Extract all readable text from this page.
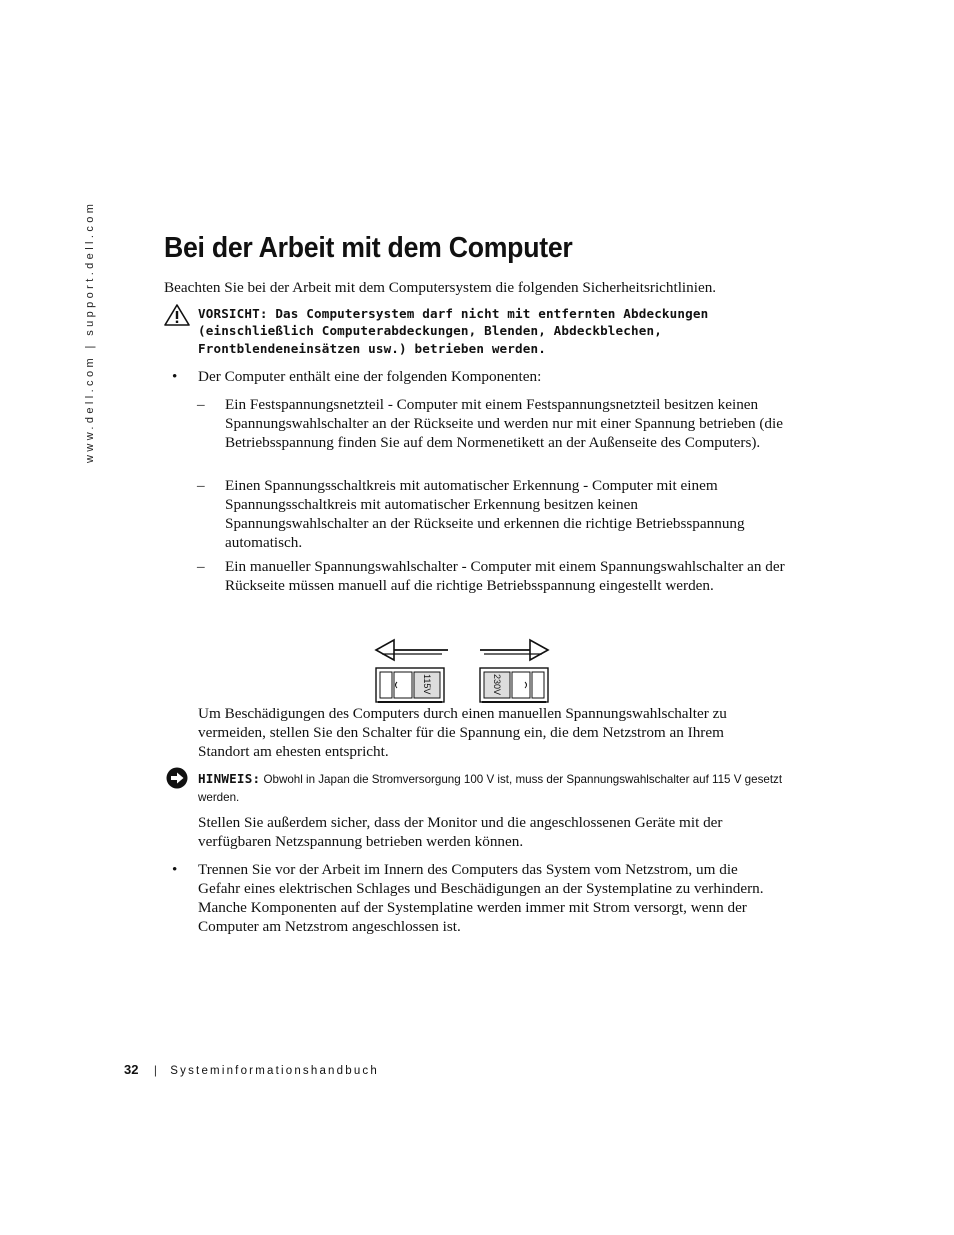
www.dell.com | support.dell.com Bei der Arbeit mit dem Computer

Beachten Sie bei der Arbeit mit dem Computersystem die folgenden Sicherheitsrichtlinien.

VORSICHT: Das Computersystem darf nicht mit entfernten Abdeckungen (einschließlich Computerabdeckungen, Blenden, Abdeckblechen, Frontblendeneinsätzen usw.) betrieben werden.

• Der Computer enthält eine der folgenden Komponenten:
– Ein Festspannungsnetzteil - Computer mit einem Festspannungsnetzteil besitzen keinen Spannungswahlschalter an der Rückseite und werden nur mit einer Spannung betrieben (die Betriebsspannung finden Sie auf dem Normenetikett an der Außenseite des Computers).
– Einen Spannungsschaltkreis mit automatischer Erkennung - Computer mit einem Spannungsschaltkreis mit automatischer Erkennung besitzen keinen Spannungswahlschalter an der Rückseite und erkennen die richtige Betriebsspannung automatisch.
– Ein manueller Spannungswahlschalter - Computer mit einem Spannungswahlschalter an der Rückseite müssen manuell auf die richtige Betriebsspannung eingestellt werden.
115V	230V

Um Beschädigungen des Computers durch einen manuellen Spannungswahlschalter zu vermeiden, stellen Sie den Schalter für die Spannung ein, die dem Netzstrom an Ihrem Standort am ehesten entspricht.

HINWEIS: Obwohl in Japan die Stromversorgung 100 V ist, muss der Spannungswahlschalter auf 115 V gesetzt werden.

Stellen Sie außerdem sicher, dass der Monitor und die angeschlossenen Geräte mit der verfügbaren Netzspannung betrieben werden können.

• Trennen Sie vor der Arbeit im Innern des Computers das System vom Netzstrom, um die Gefahr eines elektrischen Schlages und Beschädigungen an der Systemplatine zu verhindern. Manche Komponenten auf der Systemplatine werden immer mit Strom versorgt, wenn der Computer am Netzstrom angeschlossen ist.
32 | Systeminformationshandbuch
